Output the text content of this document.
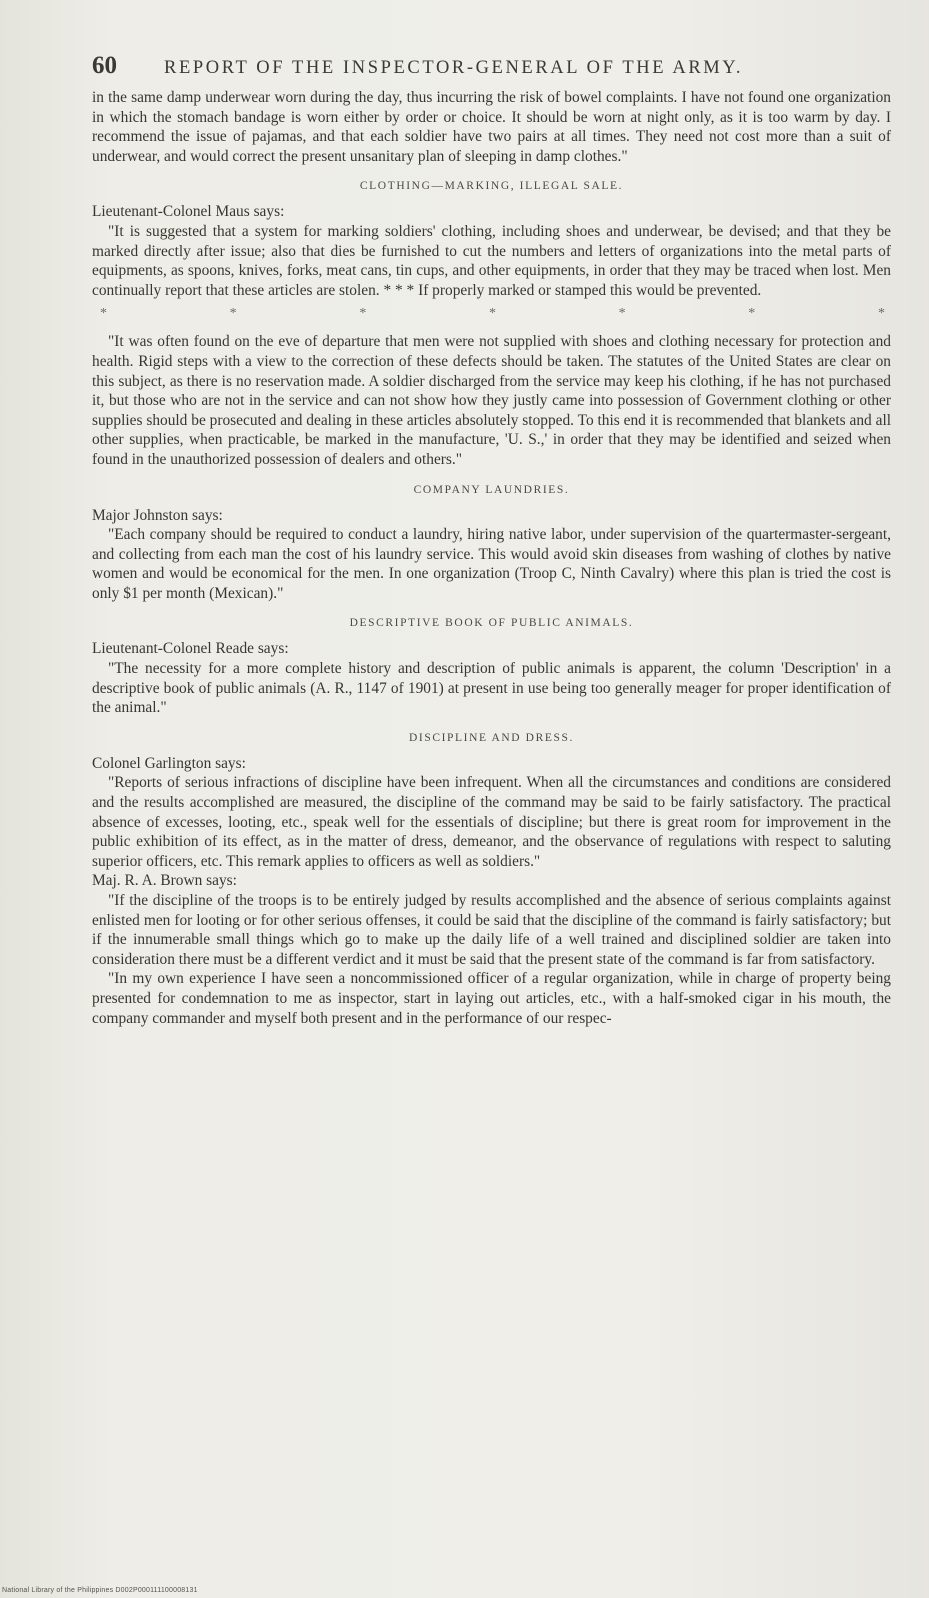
60	REPORT OF THE INSPECTOR-GENERAL OF THE ARMY.

in the same damp underwear worn during the day, thus incurring the risk of bowel complaints. I have not found one organization in which the stomach bandage is worn either by order or choice. It should be worn at night only, as it is too warm by day. I recommend the issue of pajamas, and that each soldier have two pairs at all times. They need not cost more than a suit of underwear, and would correct the present unsanitary plan of sleeping in damp clothes."

CLOTHING—MARKING, ILLEGAL SALE.

Lieutenant-Colonel Maus says:

"It is suggested that a system for marking soldiers' clothing, including shoes and underwear, be devised; and that they be marked directly after issue; also that dies be furnished to cut the numbers and letters of organizations into the metal parts of equipments, as spoons, knives, forks, meat cans, tin cups, and other equipments, in order that they may be traced when lost. Men continually report that these articles are stolen. * * * If properly marked or stamped this would be prevented.

*	*	*	*	*	*	*

"It was often found on the eve of departure that men were not supplied with shoes and clothing necessary for protection and health. Rigid steps with a view to the correction of these defects should be taken. The statutes of the United States are clear on this subject, as there is no reservation made. A soldier discharged from the service may keep his clothing, if he has not purchased it, but those who are not in the service and can not show how they justly came into possession of Government clothing or other supplies should be prosecuted and dealing in these articles absolutely stopped. To this end it is recommended that blankets and all other supplies, when practicable, be marked in the manufacture, 'U. S.,' in order that they may be identified and seized when found in the unauthorized possession of dealers and others."

COMPANY LAUNDRIES.

Major Johnston says:

"Each company should be required to conduct a laundry, hiring native labor, under supervision of the quartermaster-sergeant, and collecting from each man the cost of his laundry service. This would avoid skin diseases from washing of clothes by native women and would be economical for the men. In one organization (Troop C, Ninth Cavalry) where this plan is tried the cost is only $1 per month (Mexican)."

DESCRIPTIVE BOOK OF PUBLIC ANIMALS.

Lieutenant-Colonel Reade says:

"The necessity for a more complete history and description of public animals is apparent, the column 'Description' in a descriptive book of public animals (A. R., 1147 of 1901) at present in use being too generally meager for proper identification of the animal."

DISCIPLINE AND DRESS.

Colonel Garlington says:

"Reports of serious infractions of discipline have been infrequent. When all the circumstances and conditions are considered and the results accomplished are measured, the discipline of the command may be said to be fairly satisfactory. The practical absence of excesses, looting, etc., speak well for the essentials of discipline; but there is great room for improvement in the public exhibition of its effect, as in the matter of dress, demeanor, and the observance of regulations with respect to saluting superior officers, etc. This remark applies to officers as well as soldiers."

Maj. R. A. Brown says:

"If the discipline of the troops is to be entirely judged by results accomplished and the absence of serious complaints against enlisted men for looting or for other serious offenses, it could be said that the discipline of the command is fairly satisfactory; but if the innumerable small things which go to make up the daily life of a well trained and disciplined soldier are taken into consideration there must be a different verdict and it must be said that the present state of the command is far from satisfactory.

"In my own experience I have seen a noncommissioned officer of a regular organization, while in charge of property being presented for condemnation to me as inspector, start in laying out articles, etc., with a half-smoked cigar in his mouth, the company commander and myself both present and in the performance of our respec-

National Library of the Philippines D002P000111100008131
